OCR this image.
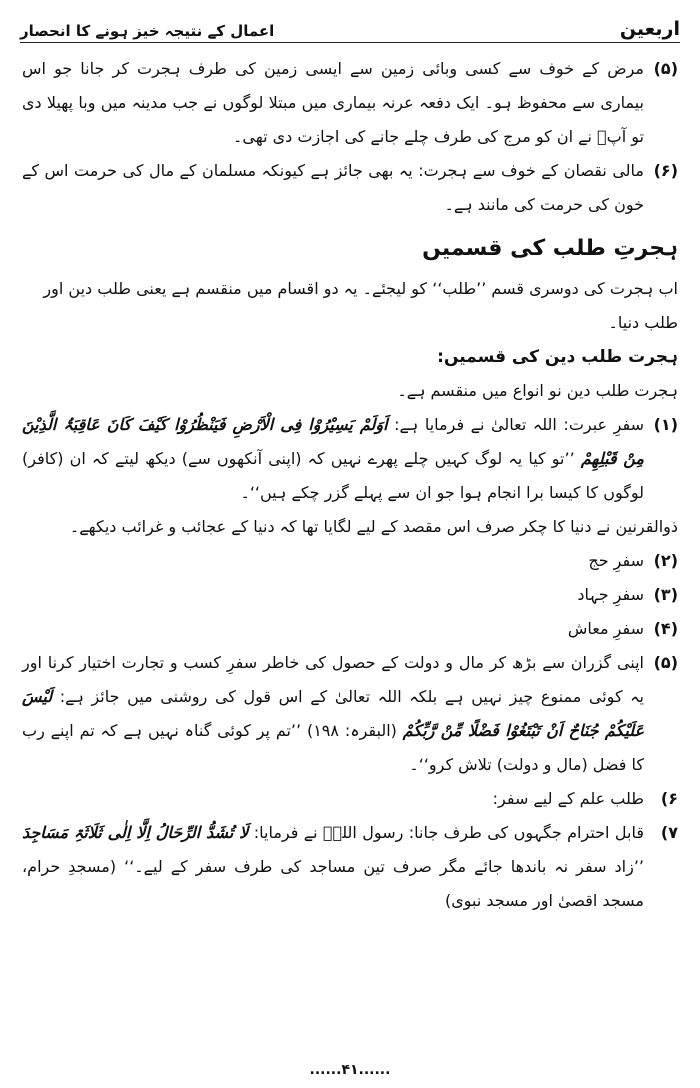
اربعین
اعمال کے نتیجہ خیز ہونے کا انحصار
(۵)
مرض کے خوف سے کسی وبائی زمین سے ایسی زمین کی طرف ہجرت کر جانا جو اس بیماری سے محفوظ ہو۔ ایک دفعہ عرنہ بیماری میں مبتلا لوگوں نے جب مدینہ میں وبا پھیلا دی تو آپؐ نے ان کو مرج کی طرف چلے جانے کی اجازت دی تھی۔
(۶)
مالی نقصان کے خوف سے ہجرت: یہ بھی جائز ہے کیونکہ مسلمان کے مال کی حرمت اس کے خون کی حرمت کی مانند ہے۔
ہجرتِ طلب کی قسمیں

اب ہجرت کی دوسری قسم ’’طلب‘‘ کو لیجئے۔ یہ دو اقسام میں منقسم ہے یعنی طلب دین اور طلب دنیا۔

ہجرت طلب دین کی قسمیں:

ہجرت طلب دین نو انواع میں منقسم ہے۔

(۱)
سفرِ عبرت: اللہ تعالیٰ نے فرمایا ہے: اَوَلَمْ یَسِیْرُوْا فِی الْاَرْضِ فَیَنْظُرُوْا کَیْفَ کَانَ عَاقِبَۃُ الَّذِیْنَ مِنْ قَبْلِھِمْ ’’تو کیا یہ لوگ کہیں چلے پھرے نہیں کہ (اپنی آنکھوں سے) دیکھ لیتے کہ ان (کافر) لوگوں کا کیسا برا انجام ہوا جو ان سے پہلے گزر چکے ہیں‘‘۔

ذوالقرنین نے دنیا کا چکر صرف اس مقصد کے لیے لگایا تھا کہ دنیا کے عجائب و غرائب دیکھے۔

(۲)
سفرِ حج
(۳)
سفرِ جہاد
(۴)
سفرِ معاش
(۵)
اپنی گزران سے بڑھ کر مال و دولت کے حصول کی خاطر سفرِ کسب و تجارت اختیار کرنا اور یہ کوئی ممنوع چیز نہیں ہے بلکہ اللہ تعالیٰ کے اس قول کی روشنی میں جائز ہے: لَیْسَ عَلَیْکُمْ جُنَاحٌ اَنْ تَبْتَغُوْا فَضْلًا مِّنْ رَّبِّکُمْ (البقرہ: ۱۹۸) ’’تم پر کوئی گناہ نہیں ہے کہ تم اپنے رب کا فضل (مال و دولت) تلاش کرو‘‘۔
۶)
طلب علم کے لیے سفر:
۷)
قابل احترام جگہوں کی طرف جانا: رسول اللہؐ نے فرمایا: لَا تُشَدُّ الرِّحَالُ اِلَّا اِلٰی ثَلَاثَۃِ مَسَاجِدَ ’’زاد سفر نہ باندھا جائے مگر صرف تین مساجد کی طرف سفر کے لیے۔‘‘ (مسجدِ حرام، مسجد اقصیٰ اور مسجد نبوی)
......۴۱......
